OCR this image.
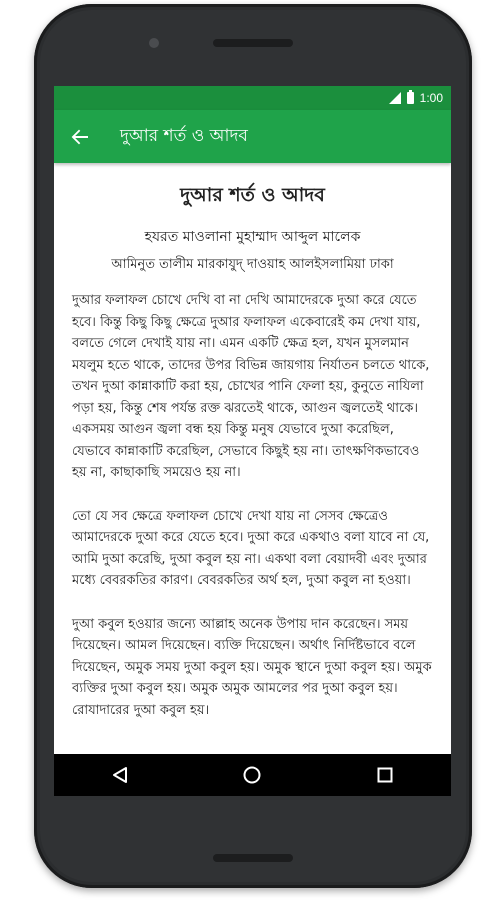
1:00
দুআর শর্ত ও আদব
দুআর শর্ত ও আদব
হযরত মাওলানা মুহাম্মাদ আব্দুল মালেক
আমিনুত তালীম মারকাযুদ্ দাওয়াহ আলইসলামিয়া ঢাকা

দুআর ফলাফল চোখে দেখি বা না দেখি আমাদেরকে দুআ করে যেতে হবে। কিন্তু কিছু কিছু ক্ষেত্রে দুআর ফলাফল একেবারেই কম দেখা যায়, বলতে গেলে দেখাই যায় না। এমন একটি ক্ষেত্র হল, যখন মুসলমান মযলুম হতে থাকে, তাদের উপর বিভিন্ন জায়গায় নির্যাতন চলতে থাকে, তখন দুআ কান্নাকাটি করা হয়, চোখের পানি ফেলা হয়, কুনুতে নাযিলা পড়া হয়, কিন্তু শেষ পর্যন্ত রক্ত ঝরতেই থাকে, আগুন জ্বলতেই থাকে। একসময় আগুন জ্বলা বন্ধ হয় কিন্তু মনুষ যেভাবে দুআ করেছিল, যেভাবে কান্নাকাটি করেছিল, সেভাবে কিছুই হয় না। তাৎক্ষণিকভাবেও হয় না, কাছাকাছি সময়েও হয় না।

তো যে সব ক্ষেত্রে ফলাফল চোখে দেখা যায় না সেসব ক্ষেত্রেও আমাদেরকে দুআ করে যেতে হবে। দুআ করে একথাও বলা যাবে না যে, আমি দুআ করেছি, দুআ কবুল হয় না। একথা বলা বেয়াদবী এবং দুআর মধ্যে বেবরকতির কারণ। বেবরকতির অর্থ হল, দুআ কবুল না হওয়া।

দুআ কবুল হওয়ার জন্যে আল্লাহ অনেক উপায় দান করেছেন। সময় দিয়েছেন। আমল দিয়েছেন। ব্যক্তি দিয়েছেন। অর্থাৎ নির্দিষ্টভাবে বলে দিয়েছেন, অমুক সময় দুআ কবুল হয়। অমুক স্থানে দুআ কবুল হয়। অমুক ব্যক্তির দুআ কবুল হয়। অমুক অমুক আমলের পর দুআ কবুল হয়। রোযাদারের দুআ কবুল হয়।
